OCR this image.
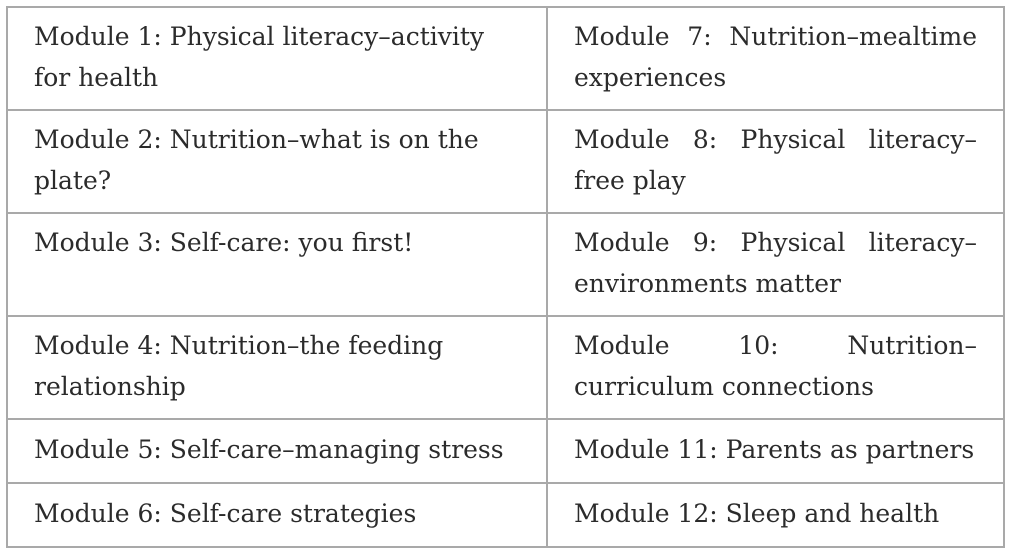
Module 1: Physical literacy–activity for health	Module 7: Nutrition–mealtime experiences
Module 2: Nutrition–what is on the plate?	Module 8: Physical literacy–free play
Module 3: Self-care: you first!	Module 9: Physical literacy–environments matter
Module 4: Nutrition–the feeding relationship	Module 10: Nutrition–curriculum connections
Module 5: Self-care–managing stress	Module 11: Parents as partners
Module 6: Self-care strategies	Module 12: Sleep and health
